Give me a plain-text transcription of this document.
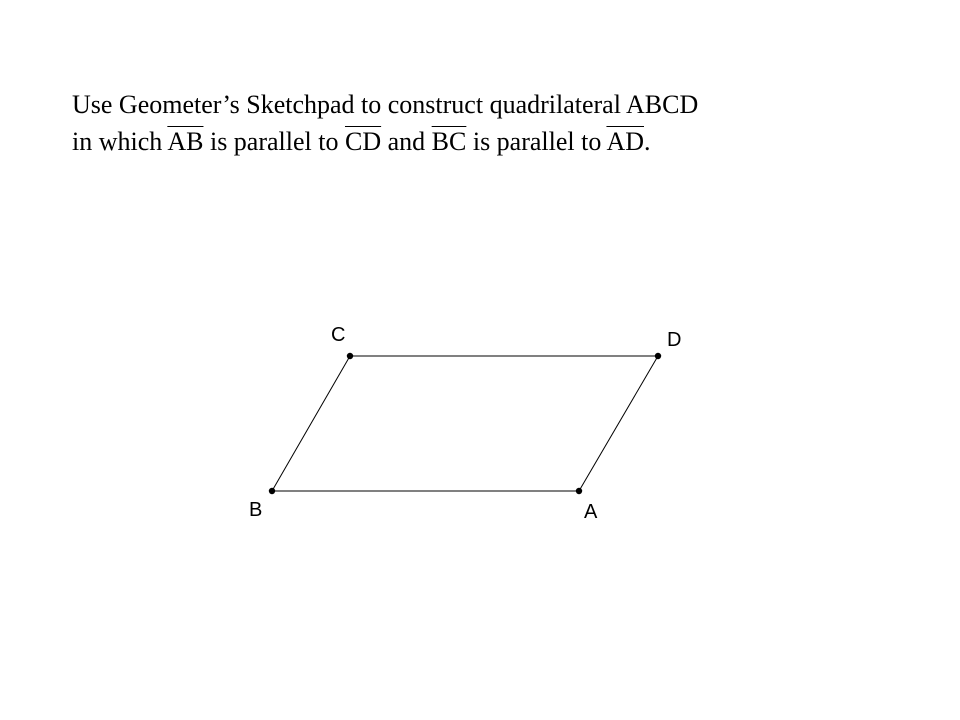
Use Geometer’s Sketchpad to construct quadrilateral ABCD
in which $\overline{AB}$ is parallel to $\overline{CD}$ and $\overline{BC}$ is parallel to $\overline{AD}$.
C	D
B	A
